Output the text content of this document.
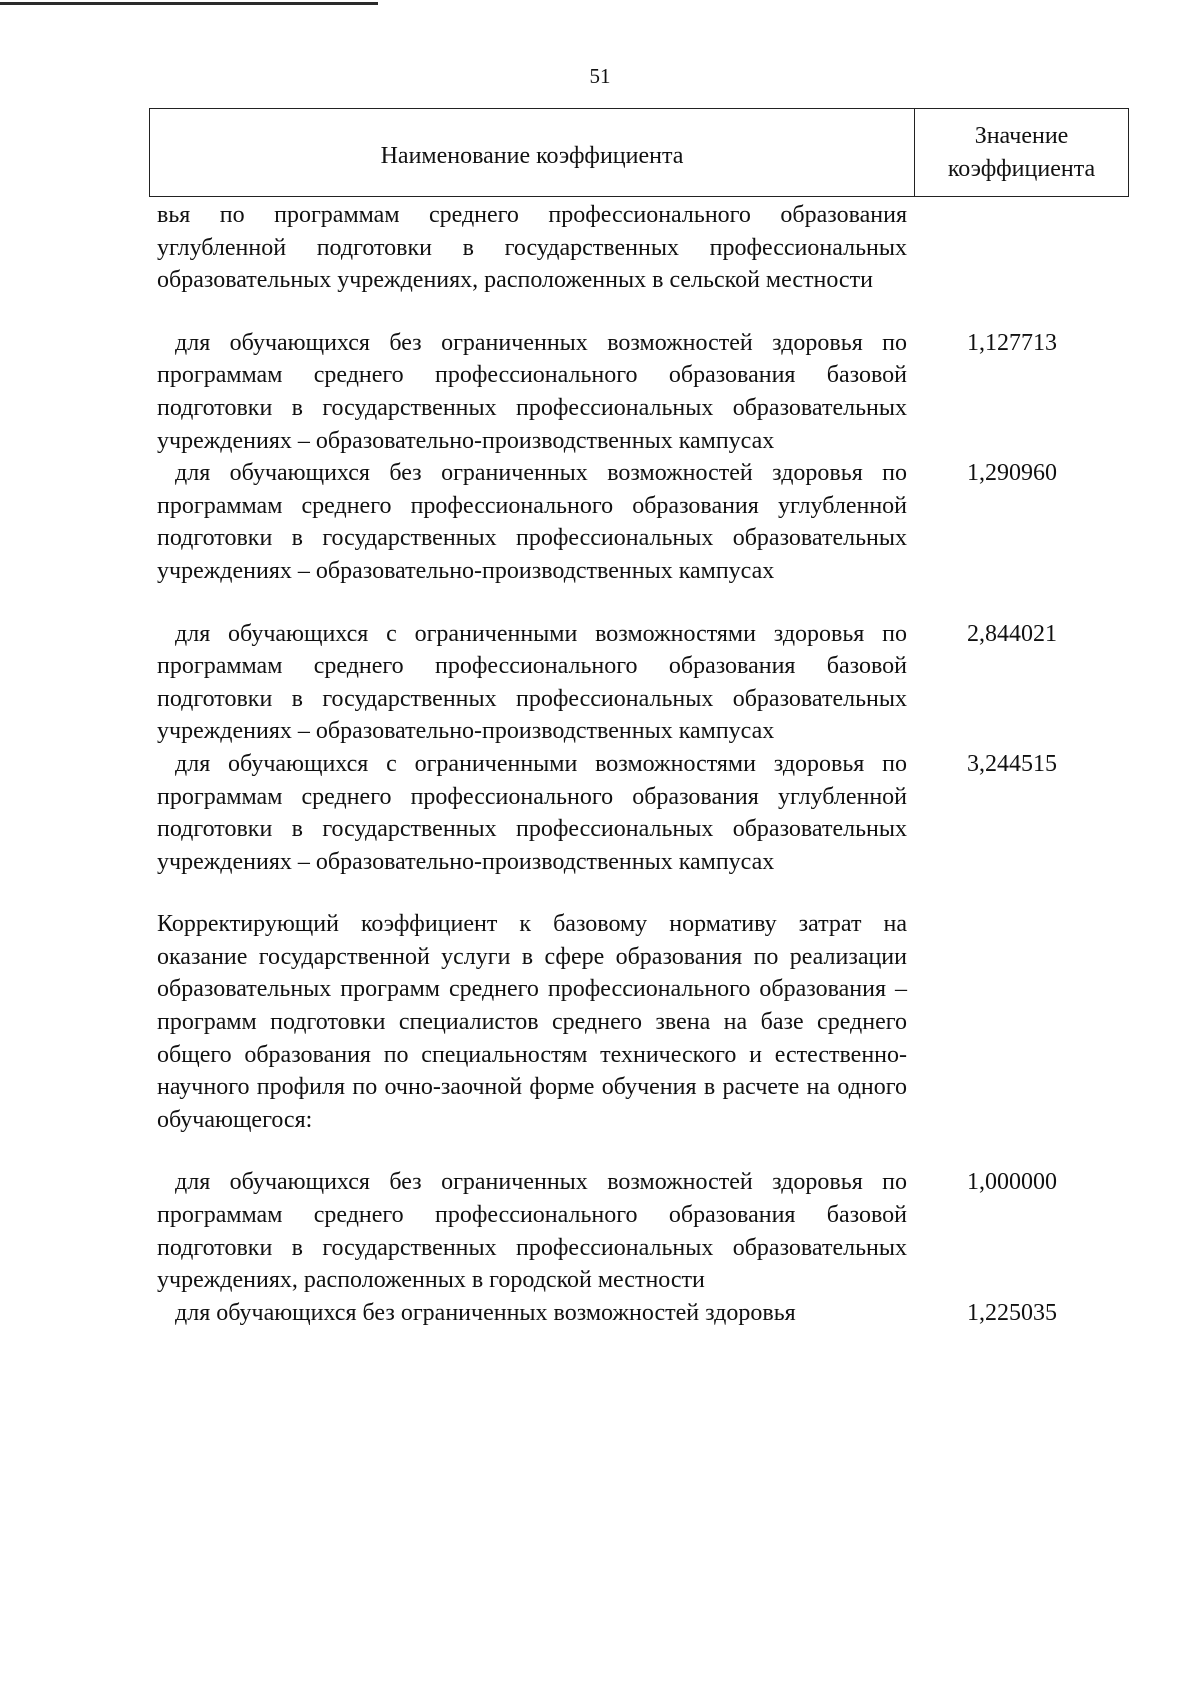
51
Наименование коэффициента
Значение
коэффициента
вья по программам среднего профессионального образования углубленной подготовки в государственных профессиональных образовательных учреждениях, расположенных в сельской местности
для обучающихся без ограниченных возможностей здоровья по программам среднего профессионального образования базовой подготовки в государственных профессиональных образовательных учреждениях – образовательно-производственных кампусах
1,127713
для обучающихся без ограниченных возможностей здоровья по программам среднего профессионального образования углубленной подготовки в государственных профессиональных образовательных учреждениях – образовательно-производственных кампусах
1,290960
для обучающихся с ограниченными возможностями здоровья по программам среднего профессионального образования базовой подготовки в государственных профессиональных образовательных учреждениях – образовательно-производственных кампусах
2,844021
для обучающихся с ограниченными возможностями здоровья по программам среднего профессионального образования углубленной подготовки в государственных профессиональных образовательных учреждениях – образовательно-производственных кампусах
3,244515
Корректирующий коэффициент к базовому нормативу затрат на оказание государственной услуги в сфере образования по реализации образовательных программ среднего профессионального образования – программ подготовки специалистов среднего звена на базе среднего общего образования по специальностям технического и естественно-научного профиля по очно-заочной форме обучения в расчете на одного обучающегося:
для обучающихся без ограниченных возможностей здоровья по программам среднего профессионального образования базовой подготовки в государственных профессиональных образовательных учреждениях, расположенных в городской местности
1,000000
для обучающихся без ограниченных возможностей здоровья	1,225035
